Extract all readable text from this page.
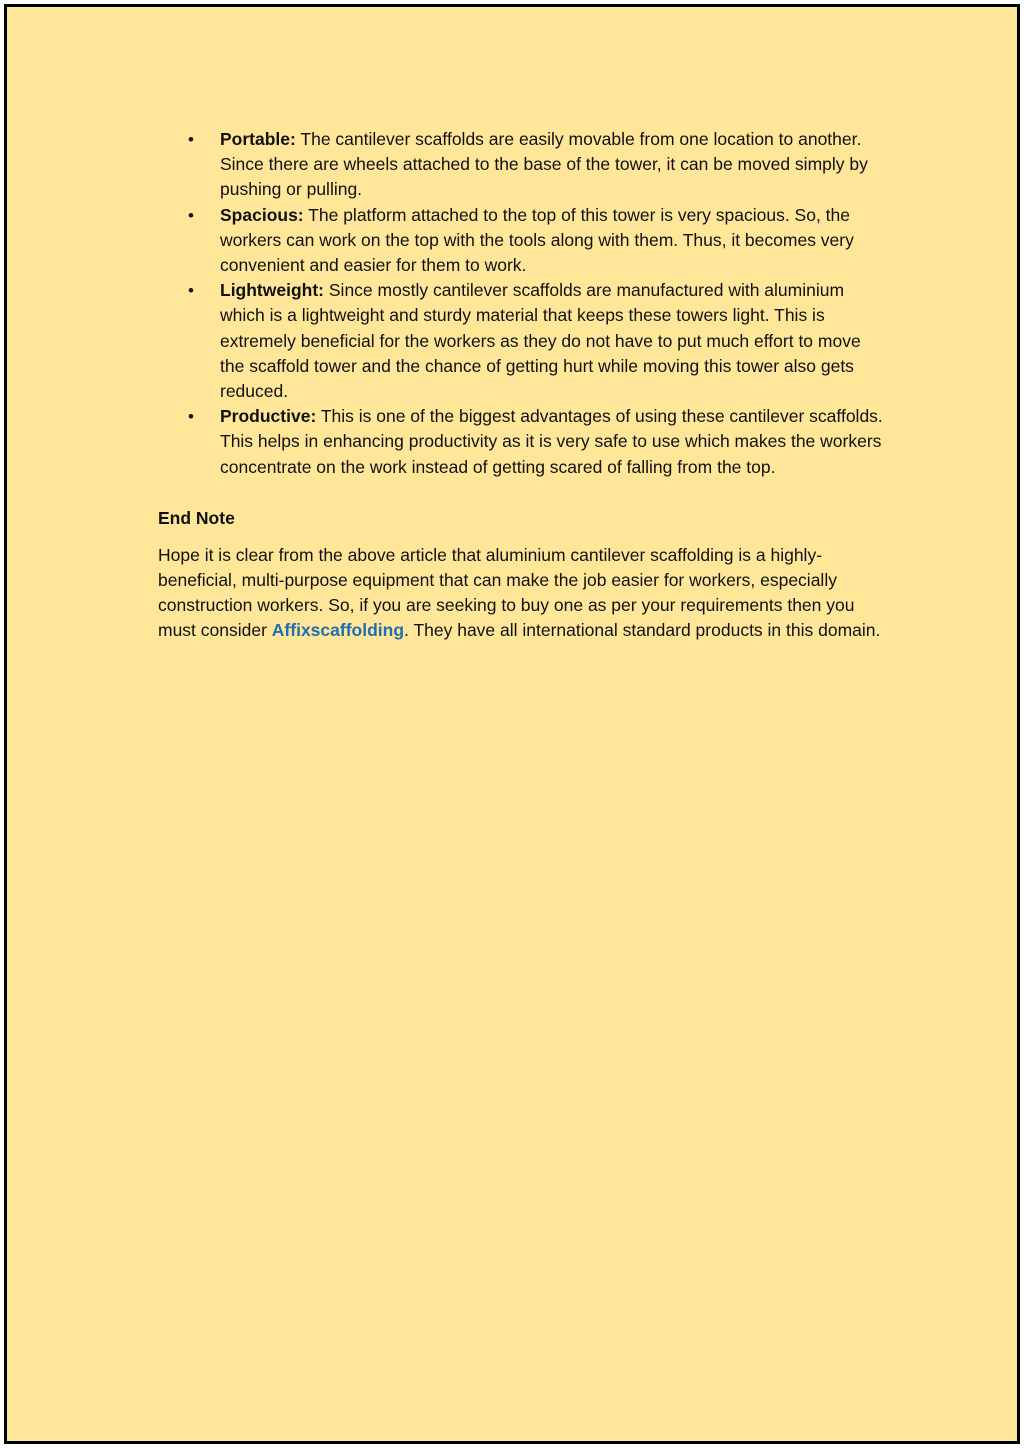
• Portable: The cantilever scaffolds are easily movable from one location to another. Since there are wheels attached to the base of the tower, it can be moved simply by pushing or pulling.
• Spacious: The platform attached to the top of this tower is very spacious. So, the workers can work on the top with the tools along with them. Thus, it becomes very convenient and easier for them to work.
• Lightweight: Since mostly cantilever scaffolds are manufactured with aluminium which is a lightweight and sturdy material that keeps these towers light. This is extremely beneficial for the workers as they do not have to put much effort to move the scaffold tower and the chance of getting hurt while moving this tower also gets reduced.
• Productive: This is one of the biggest advantages of using these cantilever scaffolds. This helps in enhancing productivity as it is very safe to use which makes the workers concentrate on the work instead of getting scared of falling from the top.
End Note

Hope it is clear from the above article that aluminium cantilever scaffolding is a highly-beneficial, multi-purpose equipment that can make the job easier for workers, especially construction workers. So, if you are seeking to buy one as per your requirements then you must consider Affixscaffolding. They have all international standard products in this domain.
